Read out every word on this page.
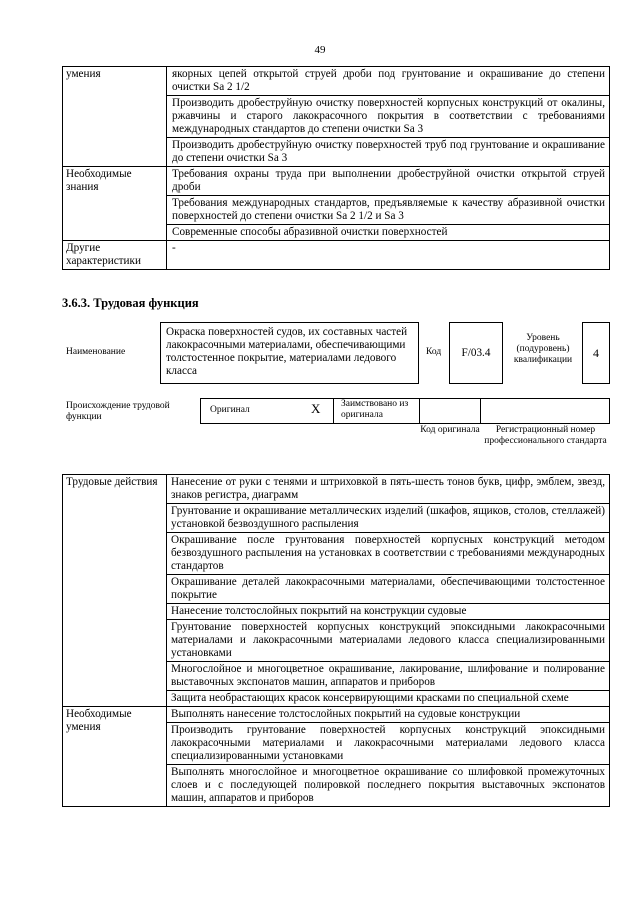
49
умения	якорных цепей открытой струей дроби под грунтование и окрашивание до степени очистки Sa 2 1/2
	Производить дробеструйную очистку поверхностей корпусных конструкций от окалины, ржавчины и старого лакокрасочного покрытия в соответствии с требованиями международных стандартов до степени очистки Sa 3
	Производить дробеструйную очистку поверхностей труб под грунтование и окрашивание до степени очистки Sa 3
Необходимые знания	Требования охраны труда при выполнении дробеструйной очистки открытой струей дроби
	Требования международных стандартов, предъявляемые к качеству абразивной очистки поверхностей до степени очистки Sa 2 1/2 и Sa 3
	Современные способы абразивной очистки поверхностей
Другие характеристики	-
3.6.3. Трудовая функция
Наименование
Окраска поверхностей судов, их составных частей лакокрасочными материалами, обеспечивающими толстостенное покрытие, материалами ледового класса
Код	F/03.4
Уровень (подуровень) квалификации
4
Происхождение трудовой функции
Оригинал	X Заимствовано из оригинала
Код оригинала	Регистрационный номер профессионального стандарта
Трудовые действия	Нанесение от руки с тенями и штриховкой в пять-шесть тонов букв, цифр, эмблем, звезд, знаков регистра, диаграмм
	Грунтование и окрашивание металлических изделий (шкафов, ящиков, столов, стеллажей) установкой безвоздушного распыления
	Окрашивание после грунтования поверхностей корпусных конструкций методом безвоздушного распыления на установках в соответствии с требованиями международных стандартов
	Окрашивание деталей лакокрасочными материалами, обеспечивающими толстостенное покрытие
	Нанесение толстослойных покрытий на конструкции судовые
	Грунтование поверхностей корпусных конструкций эпоксидными лакокрасочными материалами и лакокрасочными материалами ледового класса специализированными установками
	Многослойное и многоцветное окрашивание, лакирование, шлифование и полирование выставочных экспонатов машин, аппаратов и приборов
	Защита необрастающих красок консервирующими красками по специальной схеме
Необходимые умения	Выполнять нанесение толстослойных покрытий на судовые конструкции
	Производить грунтование поверхностей корпусных конструкций эпоксидными лакокрасочными материалами и лакокрасочными материалами ледового класса специализированными установками
	Выполнять многослойное и многоцветное окрашивание со шлифовкой промежуточных слоев и с последующей полировкой последнего покрытия выставочных экспонатов машин, аппаратов и приборов
